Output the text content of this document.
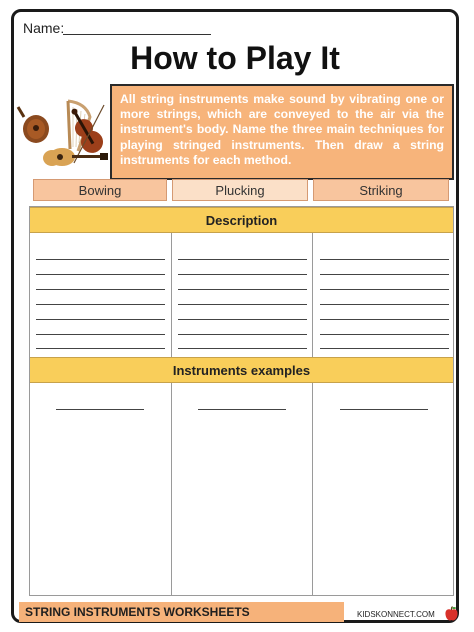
Name:
How to Play It
All string instruments make sound by vibrating one or more strings, which are conveyed to the air via the instrument's body. Name the three main techniques for playing stringed instruments. Then draw a string instruments for each method.
Bowing	Plucking	Striking
Description
Instruments examples
STRING INSTRUMENTS WORKSHEETS	KIDSKONNECT.COM
